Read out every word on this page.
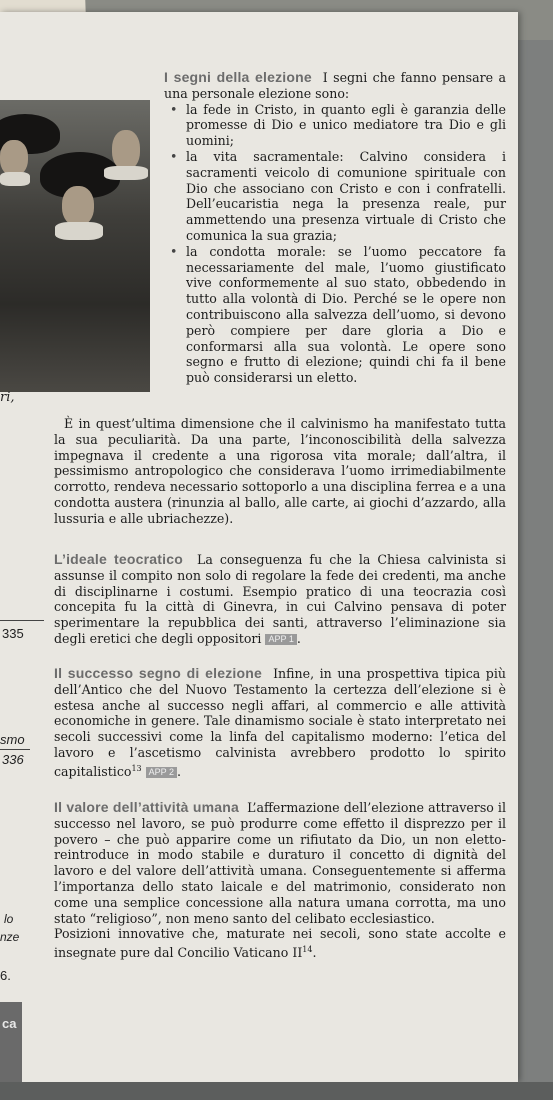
ri,
335
smo
336
lo
nze
6.
ca

I segni della elezione I segni che fanno pensare a una personale elezione sono:

• la fede in Cristo, in quanto egli è garanzia delle promesse di Dio e unico mediatore tra Dio e gli uomini;
• la vita sacramentale: Calvino considera i sacramenti veicolo di comunione spirituale con Dio che associano con Cristo e con i confratelli. Dell’eucaristia nega la presenza reale, pur ammettendo una presenza virtuale di Cristo che comunica la sua grazia;
• la condotta morale: se l’uomo peccatore fa necessariamente del male, l’uomo giustificato vive conformemente al suo stato, obbedendo in tutto alla volontà di Dio. Perché se le opere non contribuiscono alla salvezza dell’uomo, si devono però compiere per dare gloria a Dio e conformarsi alla sua volontà. Le opere sono segno e frutto di elezione; quindi chi fa il bene può considerarsi un eletto.
È in quest’ultima dimensione che il calvinismo ha manifestato tutta la sua peculiarità. Da una parte, l’inconoscibilità della salvezza impegnava il credente a una rigorosa vita morale; dall’altra, il pessimismo antropologico che considerava l’uomo irrimediabilmente corrotto, rendeva necessario sottoporlo a una disciplina ferrea e a una condotta austera (rinunzia al ballo, alle carte, ai giochi d’azzardo, alla lussuria e alle ubriachezze).

L’ideale teocratico La conseguenza fu che la Chiesa calvinista si assunse il compito non solo di regolare la fede dei credenti, ma anche di disciplinarne i costumi. Esempio pratico di una teocrazia così concepita fu la città di Ginevra, in cui Calvino pensava di poter sperimentare la repubblica dei santi, attraverso l’eliminazione sia degli eretici che degli oppositori APP 1 .

Il successo segno di elezione Infine, in una prospettiva tipica più dell’Antico che del Nuovo Testamento la certezza dell’elezione si è estesa anche al successo negli affari, al commercio e alle attività economiche in genere. Tale dinamismo sociale è stato interpretato nei secoli successivi come la linfa del capitalismo moderno: l’etica del lavoro e l’ascetismo calvinista avrebbero prodotto lo spirito capitalistico$^{13}$ APP 2 .

Il valore dell’attività umana L’affermazione dell’elezione attraverso il successo nel lavoro, se può produrre come effetto il disprezzo per il povero – che può apparire come un rifiutato da Dio, un non eletto- reintroduce in modo stabile e duraturo il concetto di dignità del lavoro e del valore dell’attività umana. Conseguentemente si afferma l’importanza dello stato laicale e del matrimonio, considerato non come una semplice concessione alla natura umana corrotta, ma uno stato “religioso”, non meno santo del celibato ecclesiastico.

Posizioni innovative che, maturate nei secoli, sono state accolte e insegnate pure dal Concilio Vaticano II$^{14}$.
